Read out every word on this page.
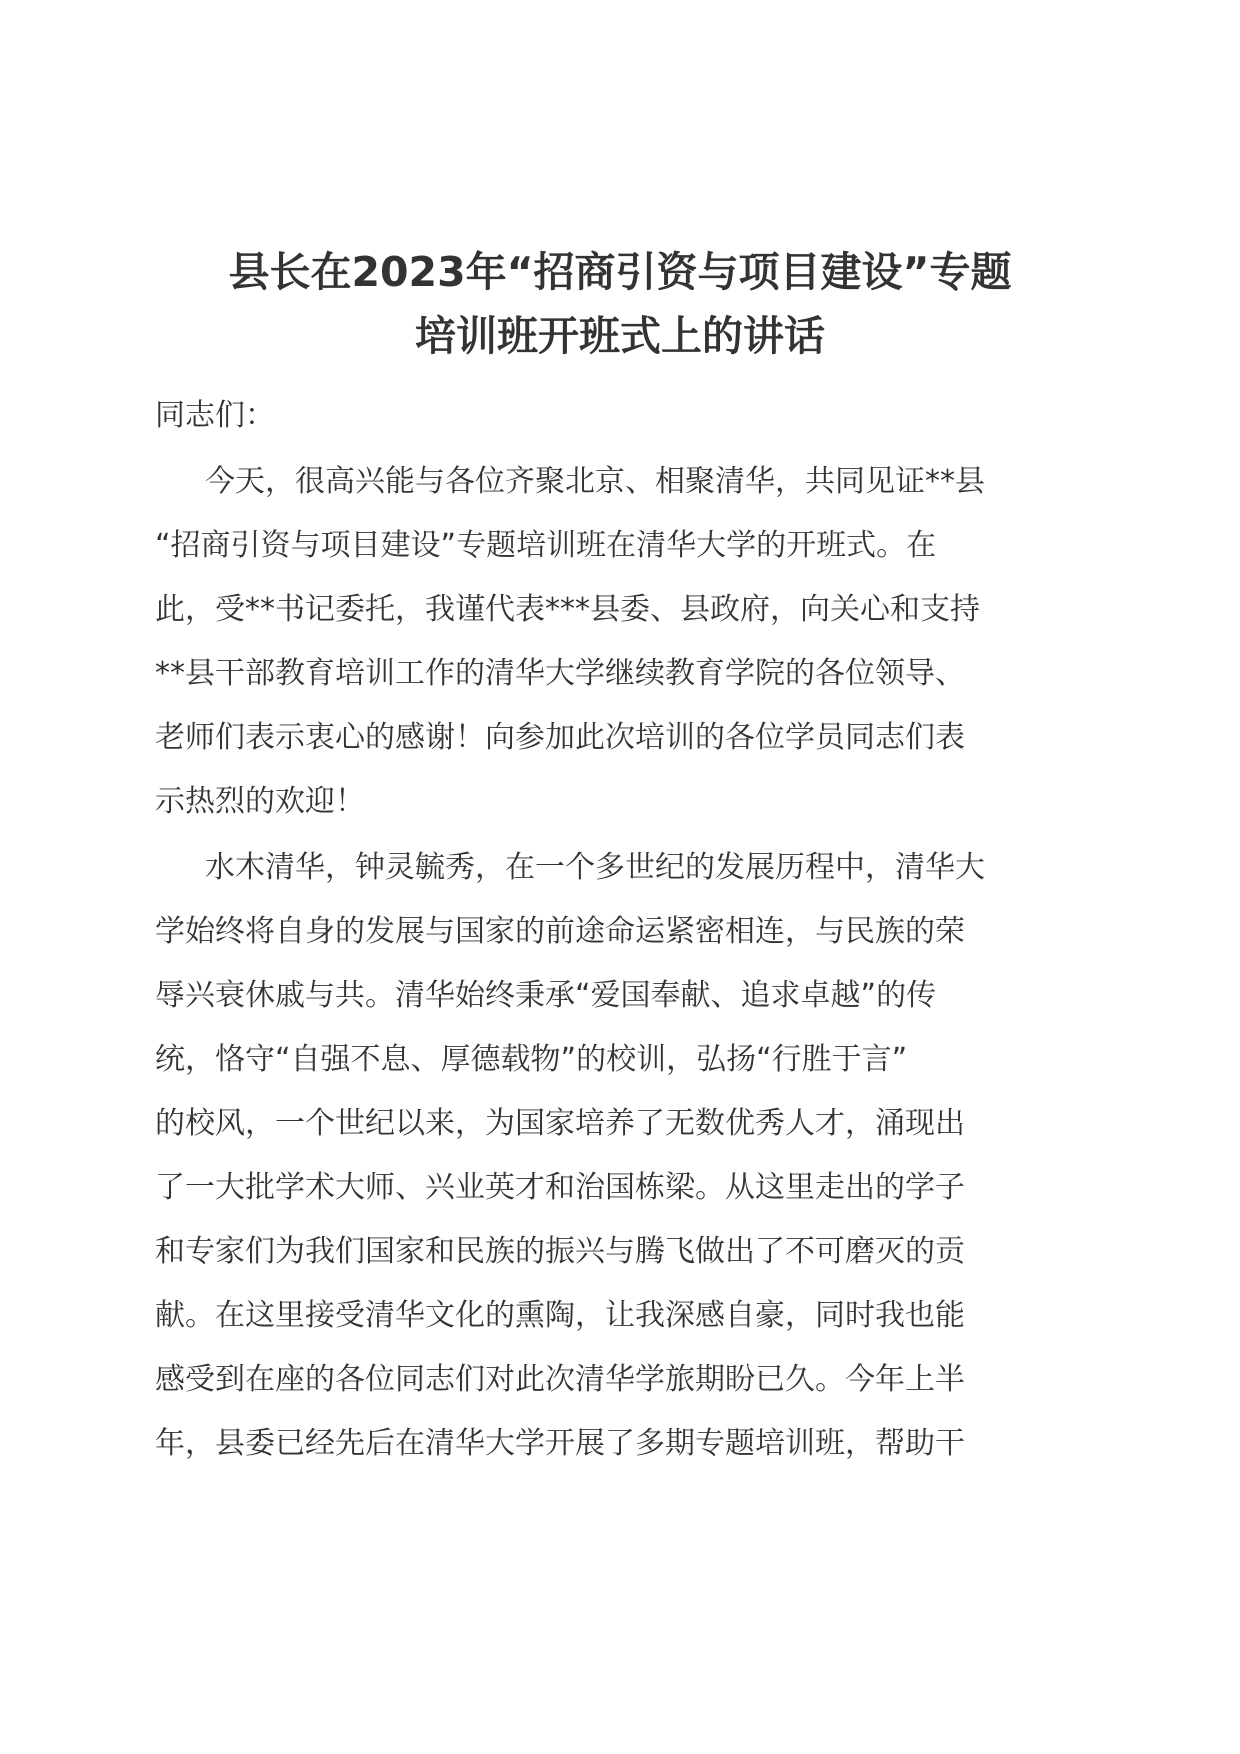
县长在2023年“招商引资与项目建设”专题
培训班开班式上的讲话

同志们：

今天，很高兴能与各位齐聚北京、相聚清华，共同见证**县
“招商引资与项目建设”专题培训班在清华大学的开班式。在
此，受**书记委托，我谨代表***县委、县政府，向关心和支持
**县干部教育培训工作的清华大学继续教育学院的各位领导、
老师们表示衷心的感谢！向参加此次培训的各位学员同志们表
示热烈的欢迎！

水木清华，钟灵毓秀，在一个多世纪的发展历程中，清华大
学始终将自身的发展与国家的前途命运紧密相连，与民族的荣
辱兴衰休戚与共。清华始终秉承“爱国奉献、追求卓越”的传
统，恪守“自强不息、厚德载物”的校训，弘扬“行胜于言”
的校风，一个世纪以来，为国家培养了无数优秀人才，涌现出
了一大批学术大师、兴业英才和治国栋梁。从这里走出的学子
和专家们为我们国家和民族的振兴与腾飞做出了不可磨灭的贡
献。在这里接受清华文化的熏陶，让我深感自豪，同时我也能
感受到在座的各位同志们对此次清华学旅期盼已久。今年上半
年，县委已经先后在清华大学开展了多期专题培训班，帮助干
